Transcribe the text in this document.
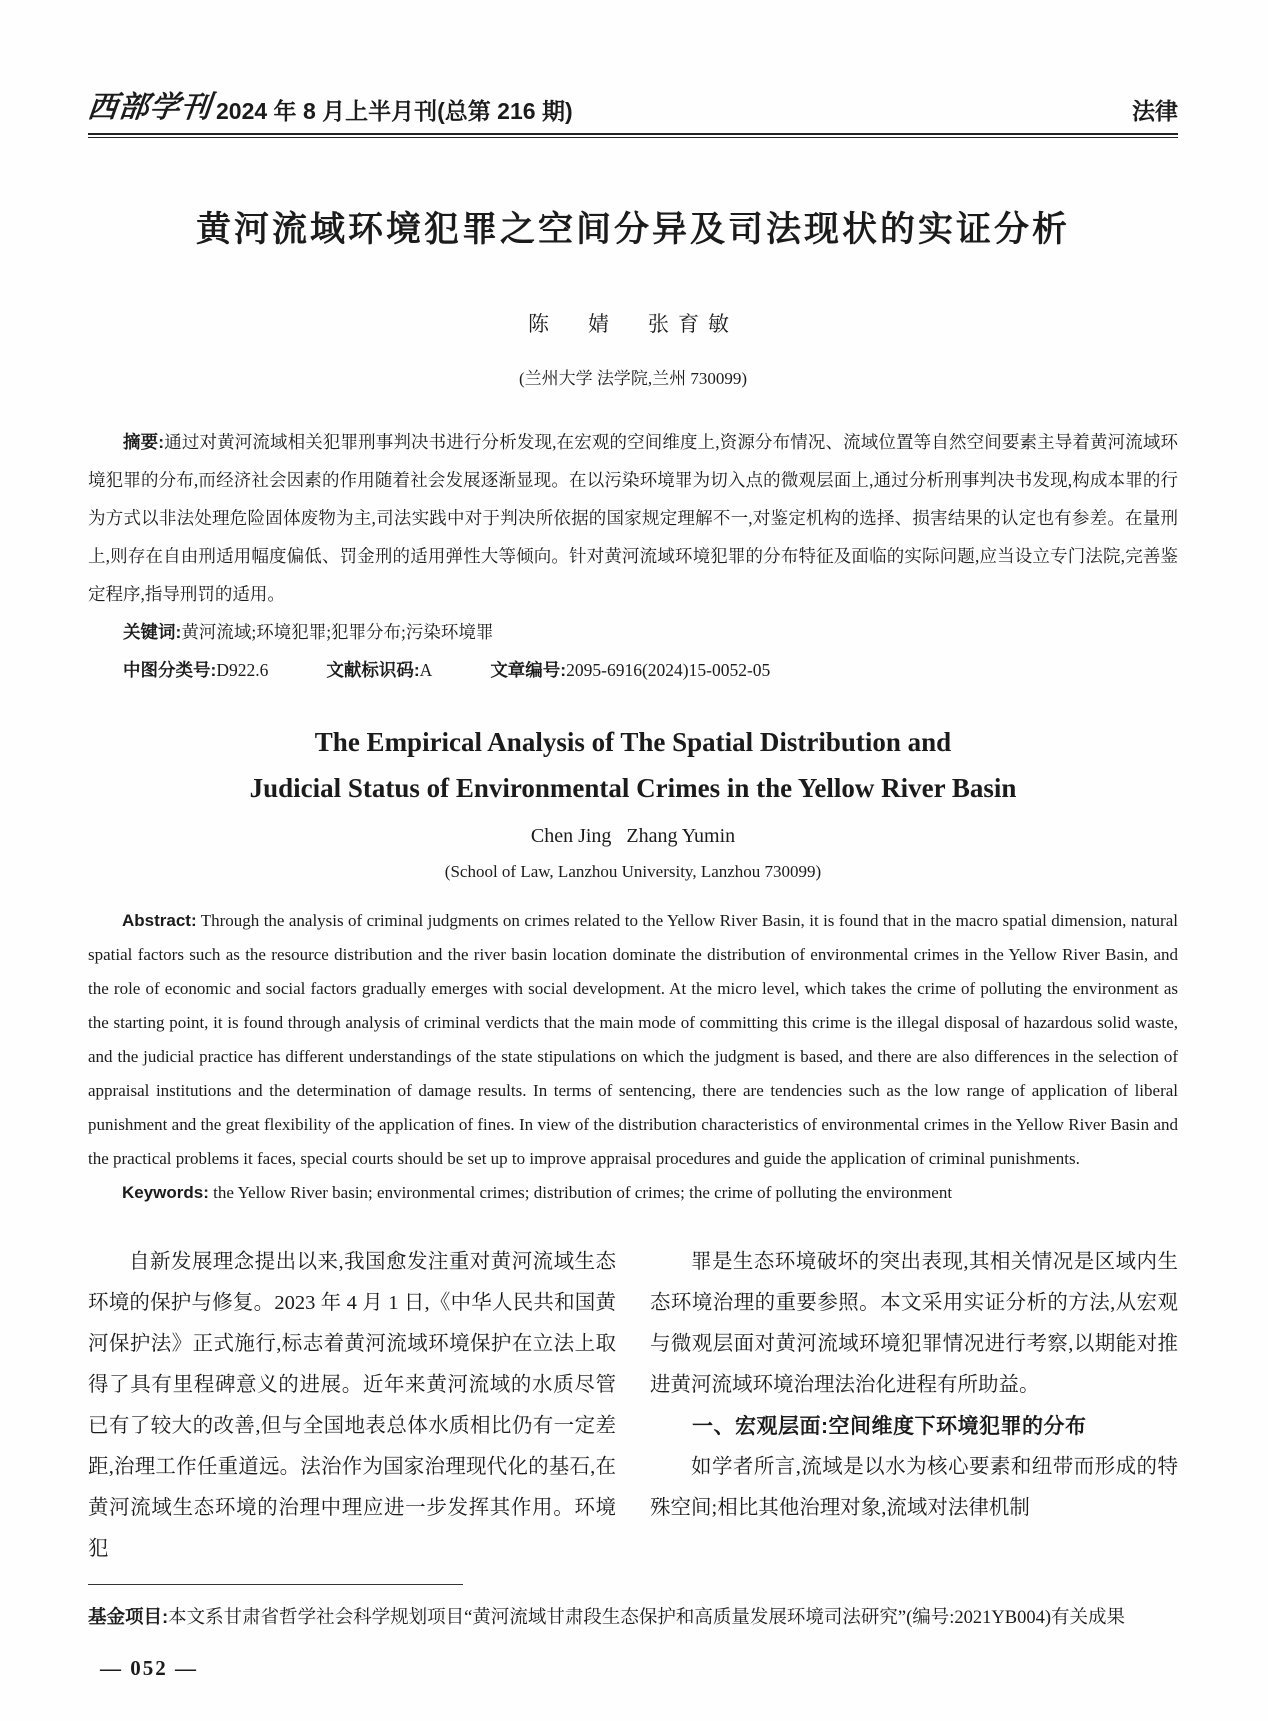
西部学刊 2024 年 8 月上半月刊(总第 216 期)	法律
黄河流域环境犯罪之空间分异及司法现状的实证分析
陈　婧　张育敏
(兰州大学 法学院,兰州 730099)

摘要:通过对黄河流域相关犯罪刑事判决书进行分析发现,在宏观的空间维度上,资源分布情况、流域位置等自然空间要素主导着黄河流域环境犯罪的分布,而经济社会因素的作用随着社会发展逐渐显现。在以污染环境罪为切入点的微观层面上,通过分析刑事判决书发现,构成本罪的行为方式以非法处理危险固体废物为主,司法实践中对于判决所依据的国家规定理解不一,对鉴定机构的选择、损害结果的认定也有参差。在量刑上,则存在自由刑适用幅度偏低、罚金刑的适用弹性大等倾向。针对黄河流域环境犯罪的分布特征及面临的实际问题,应当设立专门法院,完善鉴定程序,指导刑罚的适用。

关键词:黄河流域;环境犯罪;犯罪分布;污染环境罪

中图分类号:D922.6	文献标识码:A	文章编号:2095-6916(2024)15-0052-05

The Empirical Analysis of The Spatial Distribution and
Judicial Status of Environmental Crimes in the Yellow River Basin
Chen Jing   Zhang Yumin
(School of Law, Lanzhou University, Lanzhou 730099)

Abstract: Through the analysis of criminal judgments on crimes related to the Yellow River Basin, it is found that in the macro spatial dimension, natural spatial factors such as the resource distribution and the river basin location dominate the distribution of environmental crimes in the Yellow River Basin, and the role of economic and social factors gradually emerges with social development. At the micro level, which takes the crime of polluting the environment as the starting point, it is found through analysis of criminal verdicts that the main mode of committing this crime is the illegal disposal of hazardous solid waste, and the judicial practice has different understandings of the state stipulations on which the judgment is based, and there are also differences in the selection of appraisal institutions and the determination of damage results. In terms of sentencing, there are tendencies such as the low range of application of liberal punishment and the great flexibility of the application of fines. In view of the distribution characteristics of environmental crimes in the Yellow River Basin and the practical problems it faces, special courts should be set up to improve appraisal procedures and guide the application of criminal punishments.

Keywords: the Yellow River basin; environmental crimes; distribution of crimes; the crime of polluting the environment

自新发展理念提出以来,我国愈发注重对黄河流域生态环境的保护与修复。2023 年 4 月 1 日,《中华人民共和国黄河保护法》正式施行,标志着黄河流域环境保护在立法上取得了具有里程碑意义的进展。近年来黄河流域的水质尽管已有了较大的改善,但与全国地表总体水质相比仍有一定差距,治理工作任重道远。法治作为国家治理现代化的基石,在黄河流域生态环境的治理中理应进一步发挥其作用。环境犯

罪是生态环境破坏的突出表现,其相关情况是区域内生态环境治理的重要参照。本文采用实证分析的方法,从宏观与微观层面对黄河流域环境犯罪情况进行考察,以期能对推进黄河流域环境治理法治化进程有所助益。

一、宏观层面:空间维度下环境犯罪的分布

如学者所言,流域是以水为核心要素和纽带而形成的特殊空间;相比其他治理对象,流域对法律机制

基金项目:本文系甘肃省哲学社会科学规划项目“黄河流域甘肃段生态保护和高质量发展环境司法研究”(编号:2021YB004)有关成果

— 052 —
